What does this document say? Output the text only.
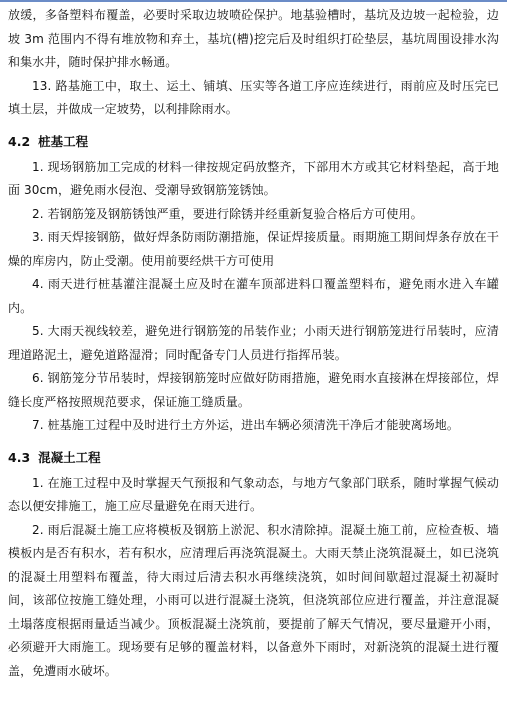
放缓，多备塑料布覆盖，必要时采取边坡喷砼保护。地基验槽时，基坑及边坡一起检验，边坡 3m 范围内不得有堆放物和弃土，基坑(槽)挖完后及时组织打砼垫层，基坑周围设排水沟和集水井，随时保护排水畅通。

13. 路基施工中，取土、运土、铺填、压实等各道工序应连续进行，雨前应及时压完已填土层，并做成一定坡势，以利排除雨水。

4.2 桩基工程

1. 现场钢筋加工完成的材料一律按规定码放整齐，下部用木方或其它材料垫起，高于地面 30cm，避免雨水侵泡、受潮导致钢筋笼锈蚀。

2. 若钢筋笼及钢筋锈蚀严重，要进行除锈并经重新复验合格后方可使用。

3. 雨天焊接钢筋，做好焊条防雨防潮措施，保证焊接质量。雨期施工期间焊条存放在干燥的库房内，防止受潮。使用前要经烘干方可使用

4. 雨天进行桩基灌注混凝土应及时在灌车顶部进料口覆盖塑料布，避免雨水进入车罐内。

5. 大雨天视线较差，避免进行钢筋笼的吊装作业；小雨天进行钢筋笼进行吊装时，应清理道路泥土，避免道路湿滑；同时配备专门人员进行指挥吊装。

6. 钢筋笼分节吊装时，焊接钢筋笼时应做好防雨措施，避免雨水直接淋在焊接部位，焊缝长度严格按照规范要求，保证施工缝质量。

7. 桩基施工过程中及时进行土方外运，进出车辆必须清洗干净后才能驶离场地。

4.3 混凝土工程

1. 在施工过程中及时掌握天气预报和气象动态，与地方气象部门联系，随时掌握气候动态以便安排施工，施工应尽量避免在雨天进行。

2. 雨后混凝土施工应将模板及钢筋上淤泥、积水清除掉。混凝土施工前，应检查板、墙模板内是否有积水，若有积水，应清理后再浇筑混凝土。大雨天禁止浇筑混凝土，如已浇筑的混凝土用塑料布覆盖，待大雨过后清去积水再继续浇筑，如时间间歇超过混凝土初凝时间，该部位按施工缝处理，小雨可以进行混凝土浇筑，但浇筑部位应进行覆盖，并注意混凝土塌落度根据雨量适当减少。顶板混凝土浇筑前，要提前了解天气情况，要尽量避开小雨，必须避开大雨施工。现场要有足够的覆盖材料，以备意外下雨时，对新浇筑的混凝土进行覆盖，免遭雨水破坏。
